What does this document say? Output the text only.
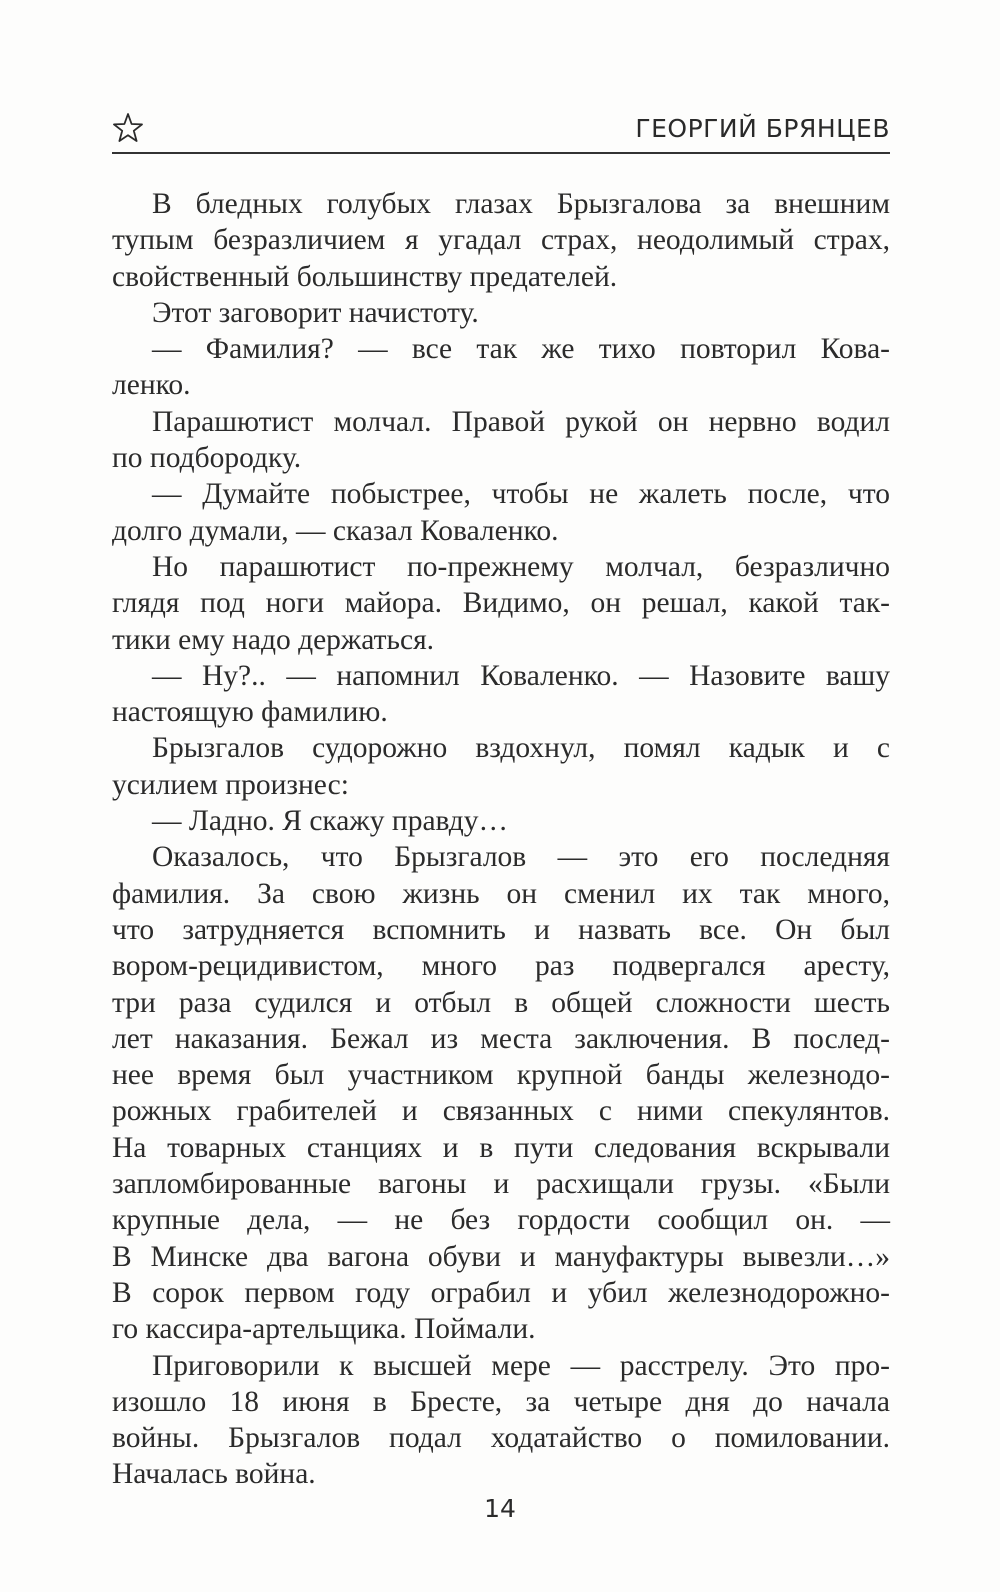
ГЕОРГИЙ БРЯНЦЕВ
В бледных голубых глазах Брызгалова за внешним
тупым безразличием я угадал страх, неодолимый страх,
свойственный большинству предателей.
Этот заговорит начистоту.
— Фамилия? — все так же тихо повторил Кова-
ленко.
Парашютист молчал. Правой рукой он нервно водил
по подбородку.
— Думайте побыстрее, чтобы не жалеть после, что
долго думали, — сказал Коваленко.
Но парашютист по-прежнему молчал, безразлично
глядя под ноги майора. Видимо, он решал, какой так-
тики ему надо держаться.
— Ну?.. — напомнил Коваленко. — Назовите вашу
настоящую фамилию.
Брызгалов судорожно вздохнул, помял кадык и с
усилием произнес:
— Ладно. Я скажу правду…
Оказалось, что Брызгалов — это его последняя
фамилия. За свою жизнь он сменил их так много,
что затрудняется вспомнить и назвать все. Он был
вором-рецидивистом, много раз подвергался аресту,
три раза судился и отбыл в общей сложности шесть
лет наказания. Бежал из места заключения. В послед-
нее время был участником крупной банды железнодо-
рожных грабителей и связанных с ними спекулянтов.
На товарных станциях и в пути следования вскрывали
запломбированные вагоны и расхищали грузы. «Были
крупные дела, — не без гордости сообщил он. —
В Минске два вагона обуви и мануфактуры вывезли…»
В сорок первом году ограбил и убил железнодорожно-
го кассира-артельщика. Поймали.
Приговорили к высшей мере — расстрелу. Это про-
изошло 18 июня в Бресте, за четыре дня до начала
войны. Брызгалов подал ходатайство о помиловании.
Началась война.
14
